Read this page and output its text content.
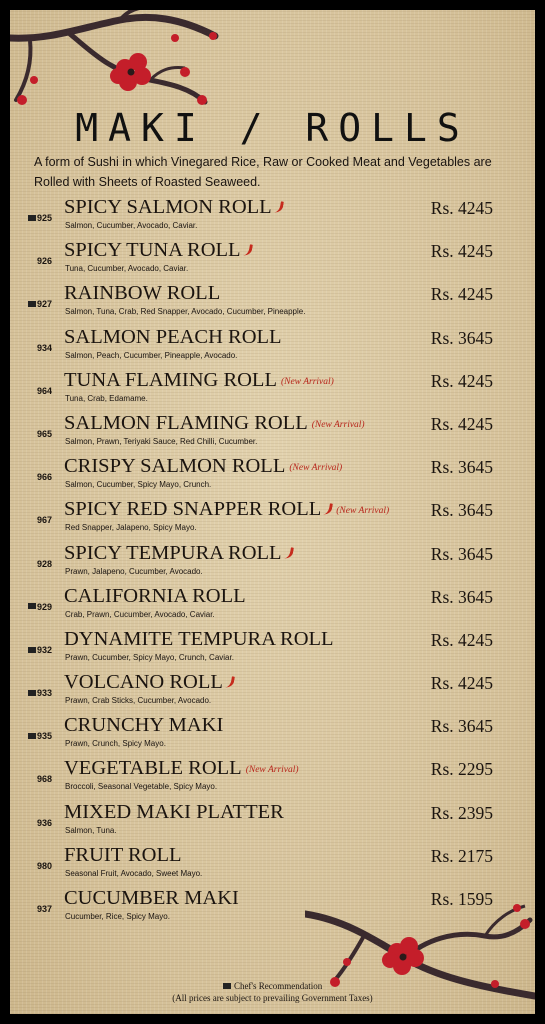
MAKI / ROLLS
A form of Sushi in which Vinegared Rice, Raw or Cooked Meat and Vegetables are Rolled with Sheets of Roasted Seaweed.
925 SPICY SALMON ROLL
Salmon, Cucumber, Avocado, Caviar.
Rs. 4245
926 SPICY TUNA ROLL
Tuna, Cucumber, Avocado, Caviar.
Rs. 4245
927 RAINBOW ROLL
Salmon, Tuna, Crab, Red Snapper, Avocado, Cucumber, Pineapple.
Rs. 4245
934 SALMON PEACH ROLL
Salmon, Peach, Cucumber, Pineapple, Avocado.
Rs. 3645
964 TUNA FLAMING ROLL (New Arrival)
Tuna, Crab, Edamame.
Rs. 4245
965 SALMON FLAMING ROLL (New Arrival)
Salmon, Prawn, Teriyaki Sauce, Red Chilli, Cucumber.
Rs. 4245
966 CRISPY SALMON ROLL (New Arrival)
Salmon, Cucumber, Spicy Mayo, Crunch.
Rs. 3645
967 SPICY RED SNAPPER ROLL (New Arrival)
Red Snapper, Jalapeno, Spicy Mayo.
Rs. 3645
928 SPICY TEMPURA ROLL
Prawn, Jalapeno, Cucumber, Avocado.
Rs. 3645
929 CALIFORNIA ROLL
Crab, Prawn, Cucumber, Avocado, Caviar.
Rs. 3645
932 DYNAMITE TEMPURA ROLL
Prawn, Cucumber, Spicy Mayo, Crunch, Caviar.
Rs. 4245
933 VOLCANO ROLL
Prawn, Crab Sticks, Cucumber, Avocado.
Rs. 4245
935 CRUNCHY MAKI
Prawn, Crunch, Spicy Mayo.
Rs. 3645
968 VEGETABLE ROLL (New Arrival)
Broccoli, Seasonal Vegetable, Spicy Mayo.
Rs. 2295
936 MIXED MAKI PLATTER
Salmon, Tuna.
Rs. 2395
980 FRUIT ROLL
Seasonal Fruit, Avocado, Sweet Mayo.
Rs. 2175
937 CUCUMBER MAKI
Cucumber, Rice, Spicy Mayo.
Rs. 1595
Chef's Recommendation
(All prices are subject to prevailing Government Taxes)
